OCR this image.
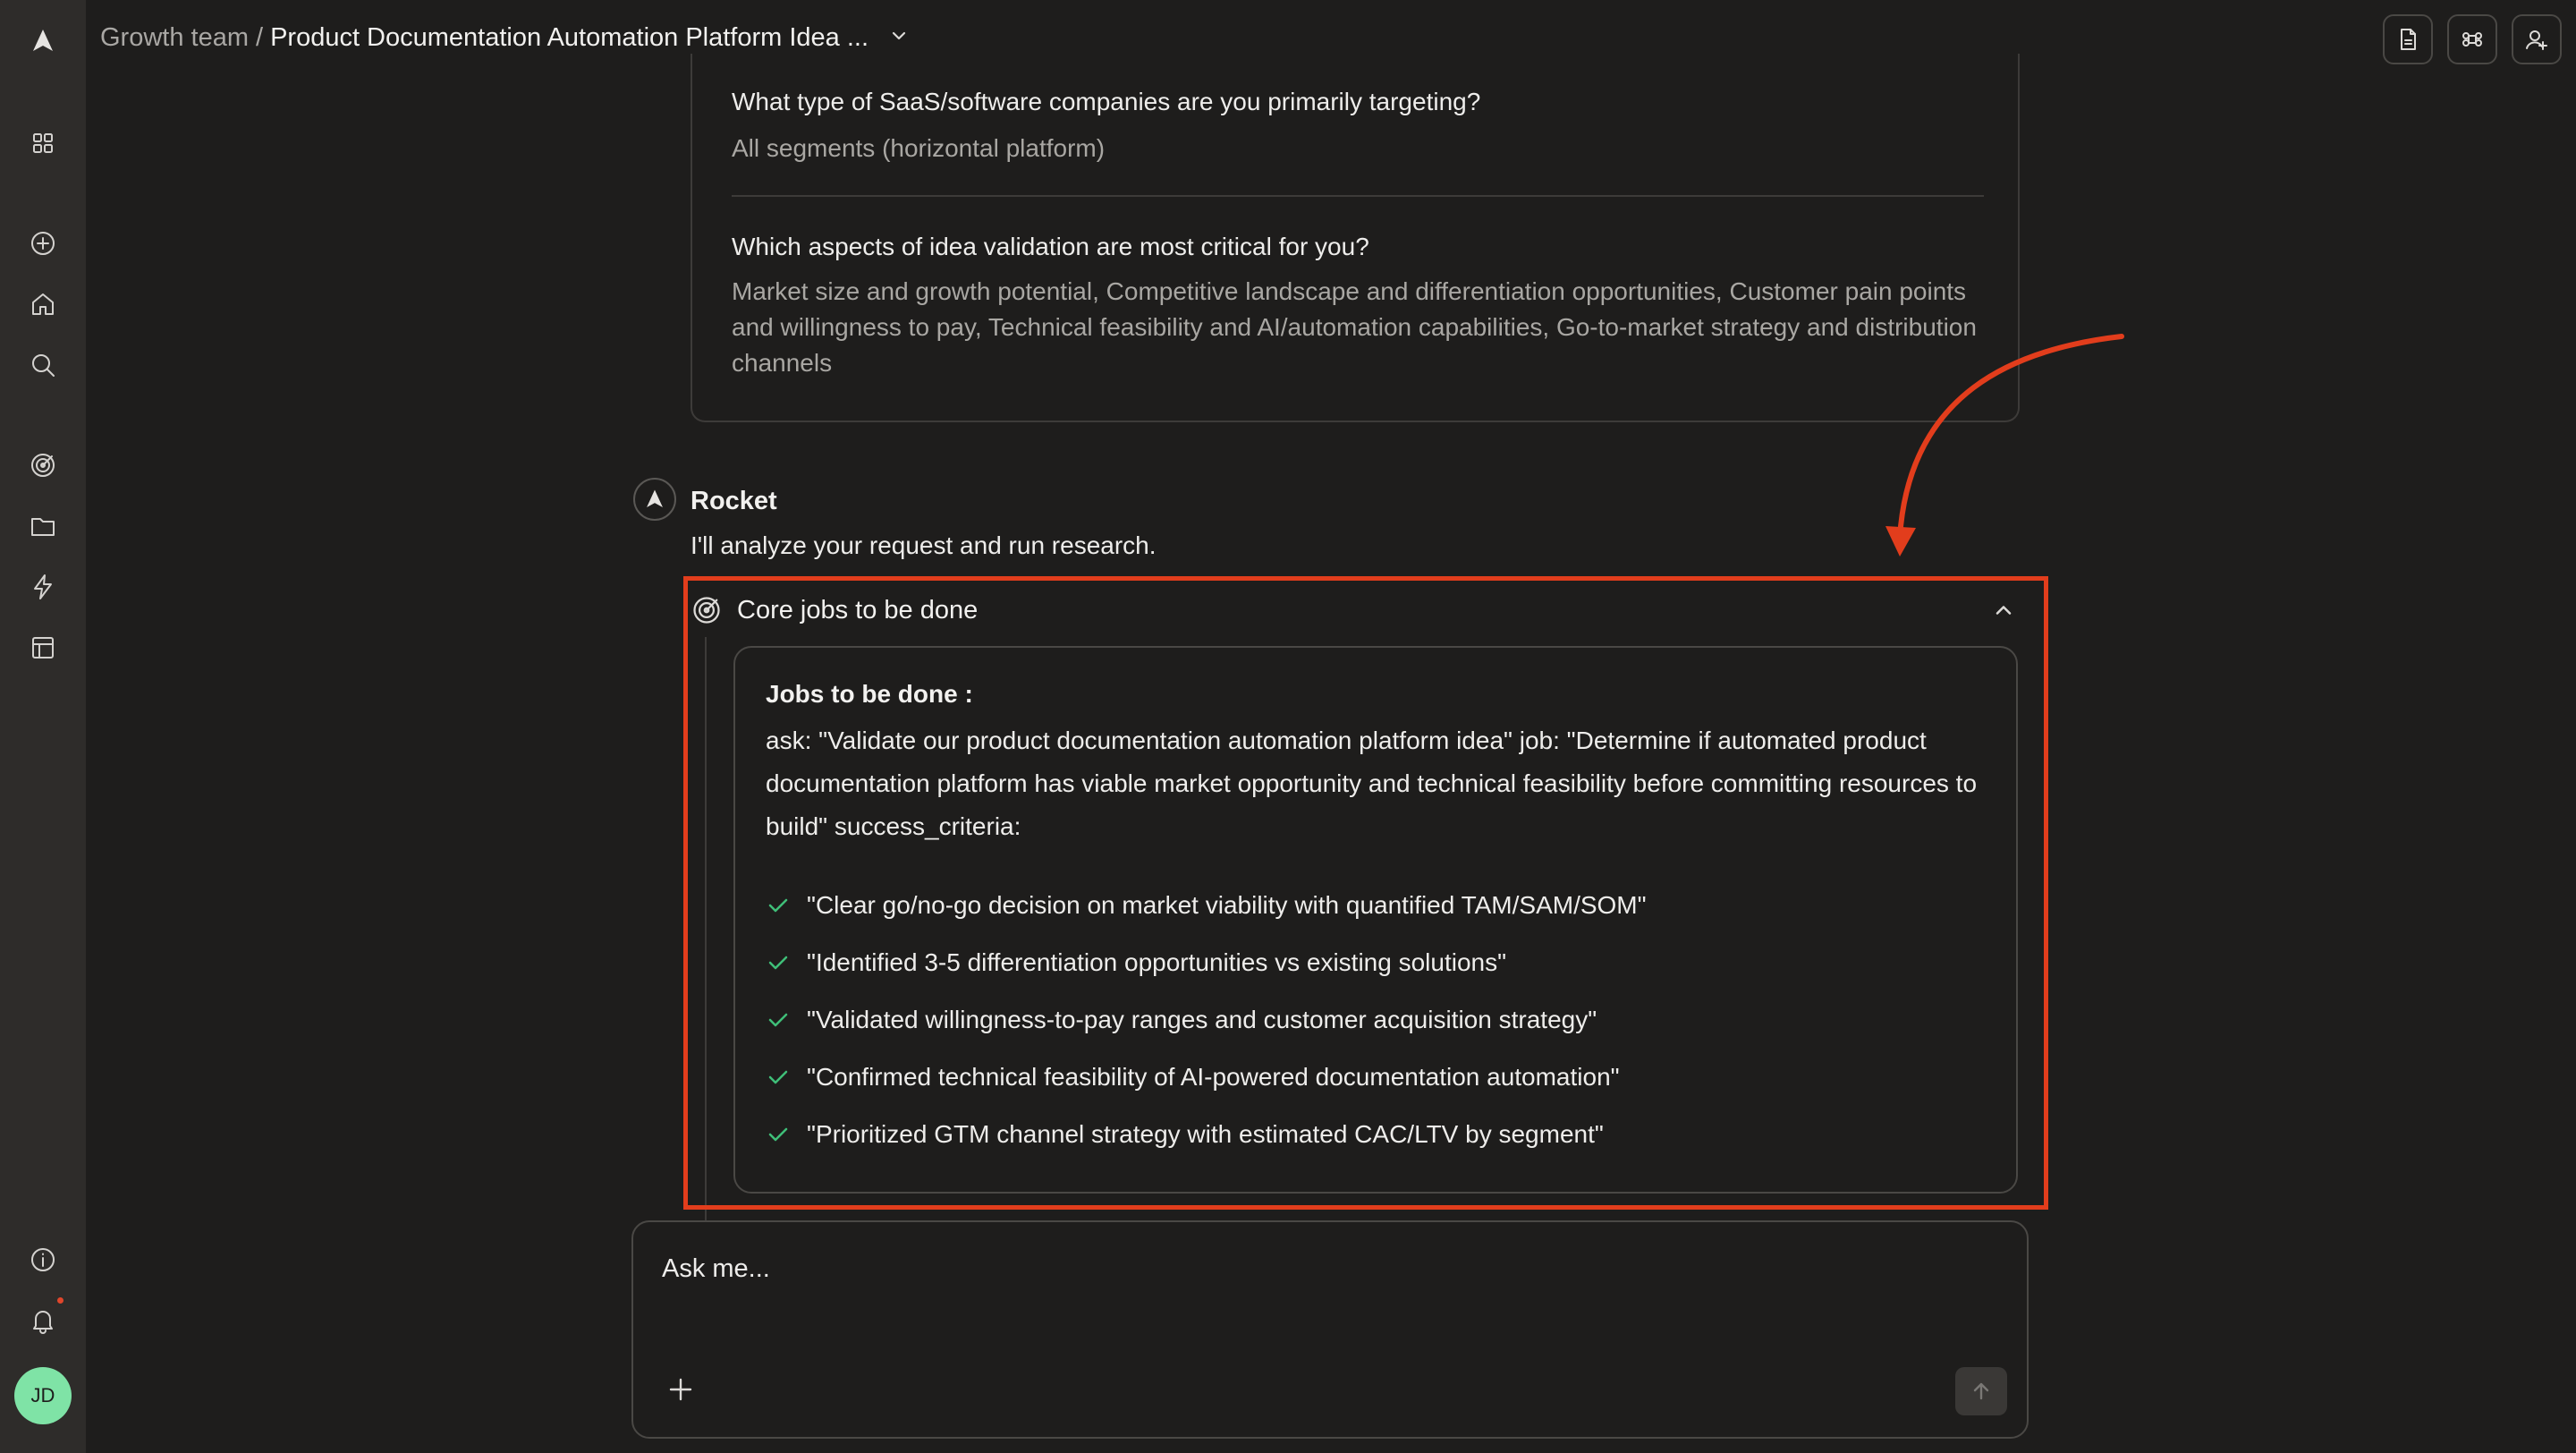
JD
Growth team / Product Documentation Automation Platform Idea ...
What type of SaaS/software companies are you primarily targeting?
All segments (horizontal platform)
Which aspects of idea validation are most critical for you?
Market size and growth potential, Competitive landscape and differentiation opportunities, Customer pain points and willingness to pay, Technical feasibility and AI/automation capabilities, Go-to-market strategy and distribution channels
Rocket
I'll analyze your request and run research.
Core jobs to be done
Jobs to be done :
ask: "Validate our product documentation automation platform idea" job: "Determine if automated product documentation platform has viable market opportunity and technical feasibility before committing resources to build" success_criteria:
"Clear go/no-go decision on market viability with quantified TAM/SAM/SOM"
"Identified 3-5 differentiation opportunities vs existing solutions"
"Validated willingness-to-pay ranges and customer acquisition strategy"
"Confirmed technical feasibility of AI-powered documentation automation"
"Prioritized GTM channel strategy with estimated CAC/LTV by segment"
Ask me...
